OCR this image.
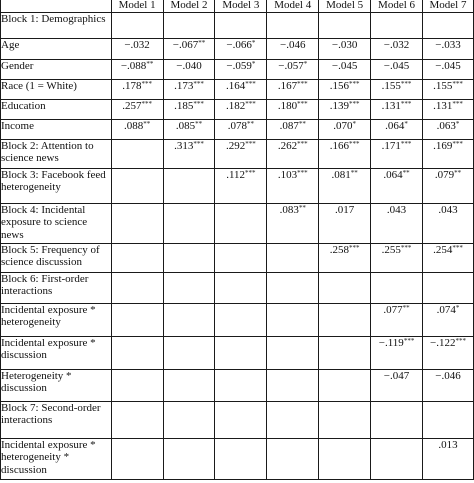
	Model 1	Model 2	Model 3	Model 4	Model 5	Model 6	Model 7
Block 1: Demographics							
Age	−.032	−.067**	−.066*	−.046	−.030	−.032	−.033
Gender	−.088**	−.040	−.059*	−.057*	−.045	−.045	−.045
Race (1 = White)	.178***	.173***	.164***	.167***	.156***	.155***	.155***
Education	.257***	.185***	.182***	.180***	.139***	.131***	.131***
Income	.088**	.085**	.078**	.087**	.070*	.064*	.063*
Block 2: Attention to science news		.313***	.292***	.262***	.166***	.171***	.169***
Block 3: Facebook feed heterogeneity			.112***	.103***	.081**	.064**	.079**
Block 4: Incidental exposure to science news				.083**	.017	.043	.043
Block 5: Frequency of science discussion					.258***	.255***	.254***
Block 6: First-order interactions							
Incidental exposure * heterogeneity						.077**	.074*
Incidental exposure * discussion						−.119***	−.122***
Heterogeneity * discussion						−.047	−.046
Block 7: Second-order interactions							
Incidental exposure * heterogeneity * discussion							.013
